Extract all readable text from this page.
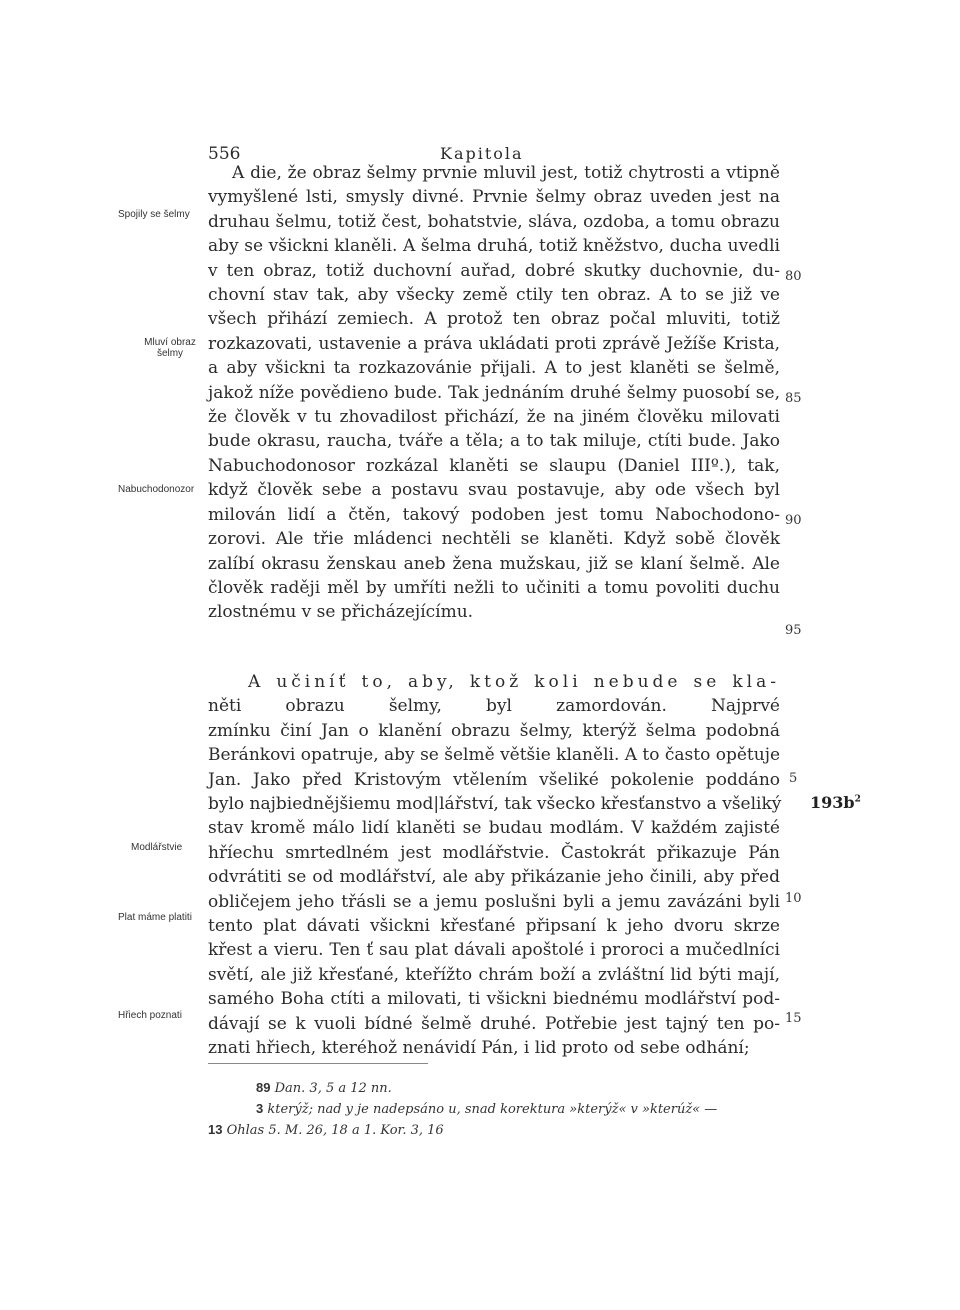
556	Kapitola
A die, že obraz šelmy prvnie mluvil jest, totiž chytrosti a vtipně
vymyšlené lsti, smysly divné. Prvnie šelmy obraz uveden jest na
druhau šelmu, totiž čest, bohatstvie, sláva, ozdoba, a tomu obrazu
aby se všickni klaněli. A šelma druhá, totiž kněžstvo, ducha uvedli
v ten obraz, totiž duchovní auřad, dobré skutky duchovnie, du-
chovní stav tak, aby všecky země ctily ten obraz. A to se již ve
všech přihází zemiech. A protož ten obraz počal mluviti, totiž
rozkazovati, ustavenie a práva ukládati proti zprávě Ježíše Krista,
a aby všickni ta rozkazovánie přijali. A to jest klaněti se šelmě,
jakož níže povědieno bude. Tak jednáním druhé šelmy puosobí se,
že člověk v tu zhovadilost přichází, že na jiném člověku milovati
bude okrasu, raucha, tváře a těla; a to tak miluje, ctíti bude. Jako
Nabuchodonosor rozkázal klaněti se slaupu (Daniel IIIº.), tak,
když člověk sebe a postavu svau postavuje, aby ode všech byl
milován lidí a čtěn, takový podoben jest tomu Nabochodono-
zorovi. Ale třie mládenci nechtěli se klaněti. Když sobě člověk
zalíbí okrasu ženskau aneb žena mužskau, již se klaní šelmě. Ale
člověk raději měl by umříti nežli to učiniti a tomu povoliti duchu
zlostnému v se přicházejícímu.
A učiníť to, aby, ktož koli nebude se kla-
něti obrazu šelmy, byl zamordován. Najprvé
zmínku činí Jan o klanění obrazu šelmy, kterýž šelma podobná
Beránkovi opatruje, aby se šelmě většie klaněli. A to často opětuje
Jan. Jako před Kristovým vtělením všeliké pokolenie poddáno
bylo najbiednějšiemu mod|lářství, tak všecko křesťanstvo a všeliký
stav kromě málo lidí klaněti se budau modlám. V každém zajisté
hříechu smrtedlném jest modlářstvie. Častokrát přikazuje Pán
odvrátiti se od modlářství, ale aby přikázanie jeho činili, aby před
obličejem jeho třásli se a jemu poslušni byli a jemu zavázáni byli
tento plat dávati všickni křesťané připsaní k jeho dvoru skrze
křest a vieru. Ten ť sau plat dávali apoštolé i proroci a mučedlníci
světí, ale již křesťané, kteřížto chrám boží a zvláštní lid býti mají,
samého Boha ctíti a milovati, ti všickni biednému modlářství pod-
dávají se k vuoli bídné šelmě druhé. Potřebie jest tajný ten po-
znati hřiech, kteréhož nenávidí Pán, i lid proto od sebe odhání;
Spojily se šelmy
Mluví obraz šelmy
Nabuchodonozor
Modlářstvie
Plat máme platiti
Hřiech poznati
80
85
90
95
5
10
15
$193b^2$
89 Dan. 3, 5 a 12 nn.
3 kterýž; nad y je nadepsáno u, snad korektura »kterýž« v »kterúž« —
13 Ohlas 5. M. 26, 18 a 1. Kor. 3, 16
